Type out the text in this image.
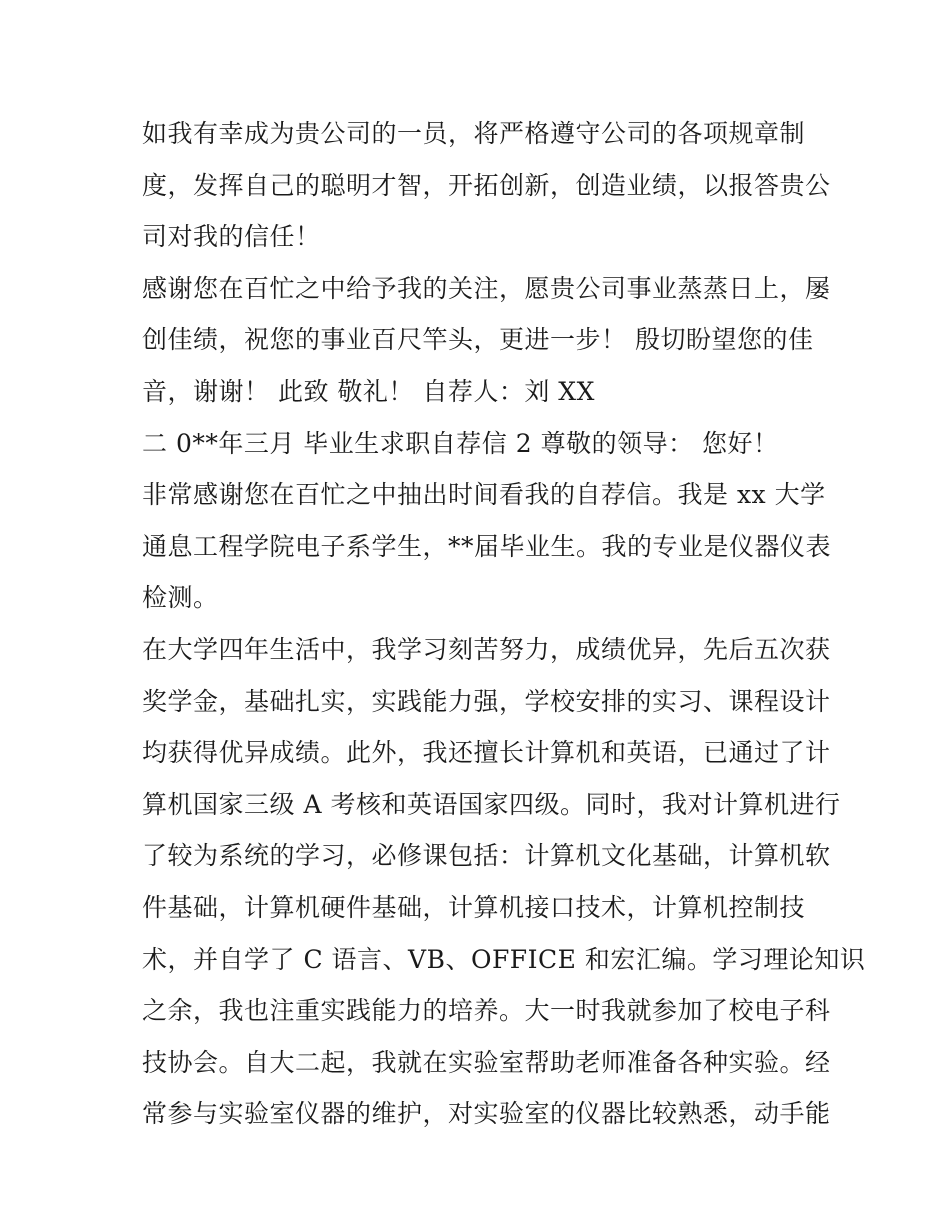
如我有幸成为贵公司的一员，将严格遵守公司的各项规章制
度，发挥自己的聪明才智，开拓创新，创造业绩，以报答贵公
司对我的信任！
感谢您在百忙之中给予我的关注，愿贵公司事业蒸蒸日上，屡
创佳绩，祝您的事业百尺竿头，更进一步！ 殷切盼望您的佳
音，谢谢！ 此致 敬礼！ 自荐人：刘 XX
二 0**年三月 毕业生求职自荐信 2 尊敬的领导： 您好！
非常感谢您在百忙之中抽出时间看我的自荐信。我是 xx 大学
通息工程学院电子系学生，**届毕业生。我的专业是仪器仪表
检测。
在大学四年生活中，我学习刻苦努力，成绩优异，先后五次获
奖学金，基础扎实，实践能力强，学校安排的实习、课程设计
均获得优异成绩。此外，我还擅长计算机和英语，已通过了计
算机国家三级 A 考核和英语国家四级。同时，我对计算机进行
了较为系统的学习，必修课包括：计算机文化基础，计算机软
件基础，计算机硬件基础，计算机接口技术，计算机控制技
术，并自学了 C 语言、VB、OFFICE 和宏汇编。学习理论知识
之余，我也注重实践能力的培养。大一时我就参加了校电子科
技协会。自大二起，我就在实验室帮助老师准备各种实验。经
常参与实验室仪器的维护，对实验室的仪器比较熟悉，动手能
